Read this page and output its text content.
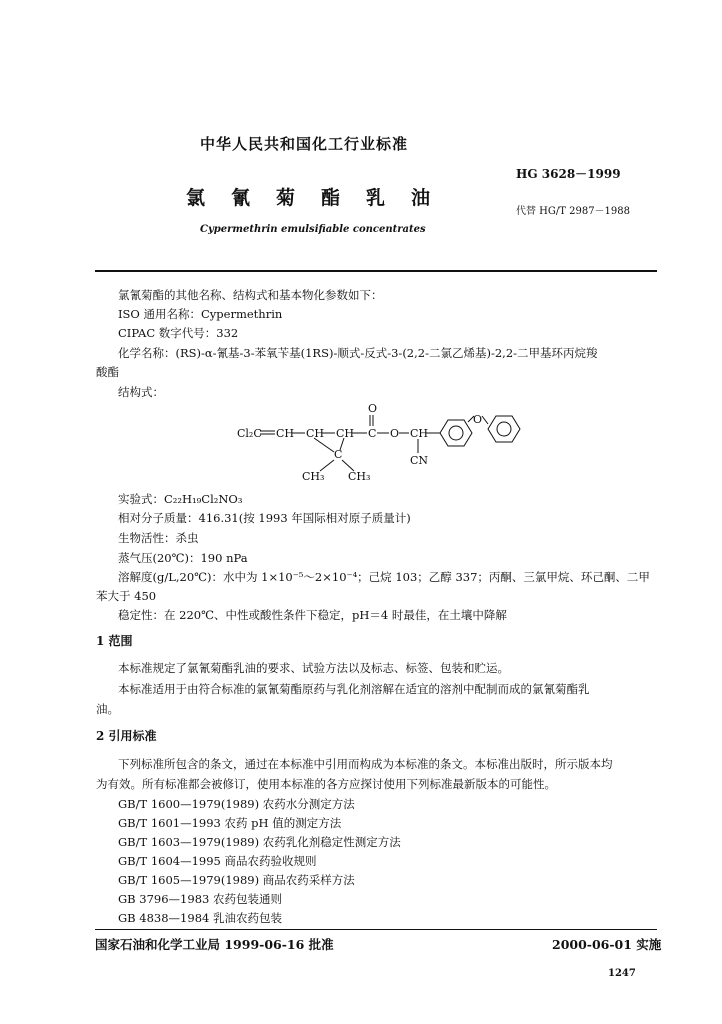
中华人民共和国化工行业标准
HG 3628－1999
氯氰菊酯乳油
代替 HG/T 2987－1988
Cypermethrin emulsifiable concentrates
氯氰菊酯的其他名称、结构式和基本物化参数如下：
ISO 通用名称：Cypermethrin
CIPAC 数字代号：332
化学名称：(RS)-α-氰基-3-苯氧苄基(1RS)-顺式-反式-3-(2,2-二氯乙烯基)-2,2-二甲基环丙烷羧
酸酯
结构式：
Cl₂C CH CH CH C
O
O CH
CN
C
CH₃ CH₃
O
实验式：C₂₂H₁₉Cl₂NO₃
相对分子质量：416.31(按 1993 年国际相对原子质量计)
生物活性：杀虫
蒸气压(20℃)：190 nPa
溶解度(g/L,20℃)：水中为 1×10⁻⁵～2×10⁻⁴；己烷 103；乙醇 337；丙酮、三氯甲烷、环己酮、二甲
苯大于 450
稳定性：在 220℃、中性或酸性条件下稳定，pH＝4 时最佳，在土壤中降解
1 范围
本标准规定了氯氰菊酯乳油的要求、试验方法以及标志、标签、包装和贮运。
本标准适用于由符合标准的氯氰菊酯原药与乳化剂溶解在适宜的溶剂中配制而成的氯氰菊酯乳
油。
2 引用标准
下列标准所包含的条文，通过在本标准中引用而构成为本标准的条文。本标准出版时，所示版本均
为有效。所有标准都会被修订，使用本标准的各方应探讨使用下列标准最新版本的可能性。
GB/T 1600—1979(1989) 农药水分测定方法
GB/T 1601—1993 农药 pH 值的测定方法
GB/T 1603—1979(1989) 农药乳化剂稳定性测定方法
GB/T 1604—1995 商品农药验收规则
GB/T 1605—1979(1989) 商品农药采样方法
GB 3796—1983 农药包装通则
GB 4838—1984 乳油农药包装
国家石油和化学工业局 1999-06-16 批准	2000-06-01 实施
1247
